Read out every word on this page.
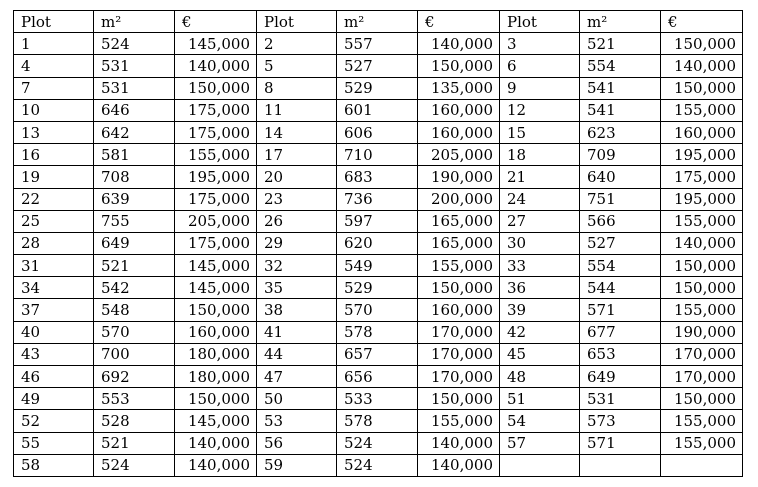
Plot	m²	€	Plot	m²	€	Plot	m²	€
1	524	145,000	2	557	140,000	3	521	150,000
4	531	140,000	5	527	150,000	6	554	140,000
7	531	150,000	8	529	135,000	9	541	150,000
10	646	175,000	11	601	160,000	12	541	155,000
13	642	175,000	14	606	160,000	15	623	160,000
16	581	155,000	17	710	205,000	18	709	195,000
19	708	195,000	20	683	190,000	21	640	175,000
22	639	175,000	23	736	200,000	24	751	195,000
25	755	205,000	26	597	165,000	27	566	155,000
28	649	175,000	29	620	165,000	30	527	140,000
31	521	145,000	32	549	155,000	33	554	150,000
34	542	145,000	35	529	150,000	36	544	150,000
37	548	150,000	38	570	160,000	39	571	155,000
40	570	160,000	41	578	170,000	42	677	190,000
43	700	180,000	44	657	170,000	45	653	170,000
46	692	180,000	47	656	170,000	48	649	170,000
49	553	150,000	50	533	150,000	51	531	150,000
52	528	145,000	53	578	155,000	54	573	155,000
55	521	140,000	56	524	140,000	57	571	155,000
58	524	140,000	59	524	140,000			
